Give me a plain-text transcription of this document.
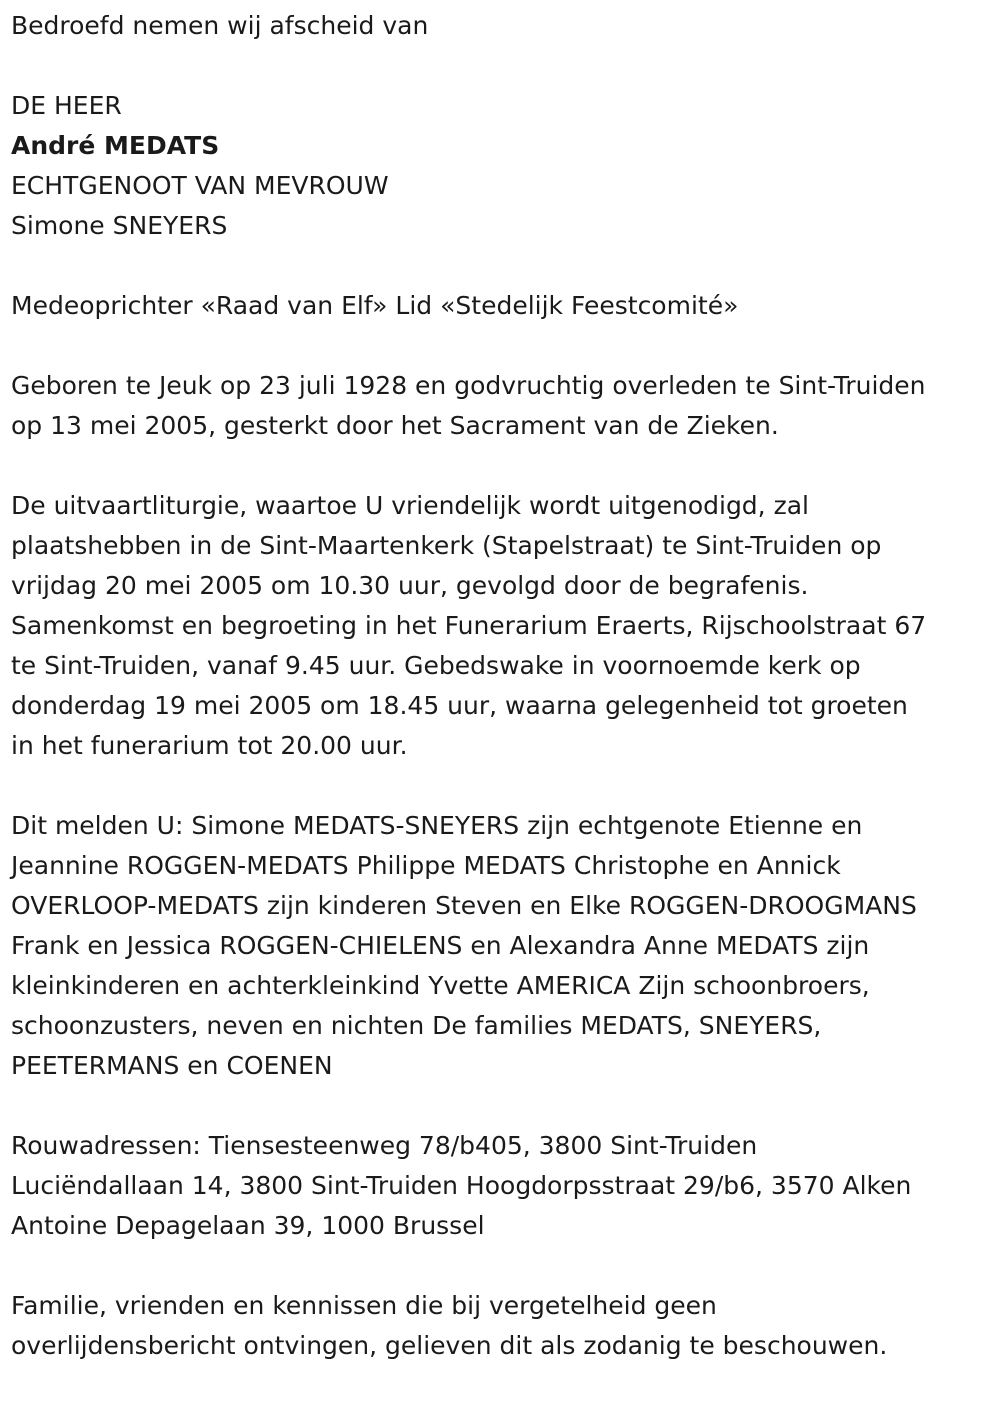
Bedroefd nemen wij afscheid van
DE HEER
André MEDATS
ECHTGENOOT VAN MEVROUW
Simone SNEYERS
Medeoprichter «Raad van Elf» Lid «Stedelijk Feestcomité»
Geboren te Jeuk op 23 juli 1928 en godvruchtig overleden te Sint-Truiden
op 13 mei 2005, gesterkt door het Sacrament van de Zieken.
De uitvaartliturgie, waartoe U vriendelijk wordt uitgenodigd, zal
plaatshebben in de Sint-Maartenkerk (Stapelstraat) te Sint-Truiden op
vrijdag 20 mei 2005 om 10.30 uur, gevolgd door de begrafenis.
Samenkomst en begroeting in het Funerarium Eraerts, Rijschoolstraat 67
te Sint-Truiden, vanaf 9.45 uur. Gebedswake in voornoemde kerk op
donderdag 19 mei 2005 om 18.45 uur, waarna gelegenheid tot groeten
in het funerarium tot 20.00 uur.
Dit melden U: Simone MEDATS-SNEYERS zijn echtgenote Etienne en
Jeannine ROGGEN-MEDATS Philippe MEDATS Christophe en Annick
OVERLOOP-MEDATS zijn kinderen Steven en Elke ROGGEN-DROOGMANS
Frank en Jessica ROGGEN-CHIELENS en Alexandra Anne MEDATS zijn
kleinkinderen en achterkleinkind Yvette AMERICA Zijn schoonbroers,
schoonzusters, neven en nichten De families MEDATS, SNEYERS,
PEETERMANS en COENEN
Rouwadressen: Tiensesteenweg 78/b405, 3800 Sint-Truiden
Luciëndallaan 14, 3800 Sint-Truiden Hoogdorpsstraat 29/b6, 3570 Alken
Antoine Depagelaan 39, 1000 Brussel
Familie, vrienden en kennissen die bij vergetelheid geen
overlijdensbericht ontvingen, gelieven dit als zodanig te beschouwen.
